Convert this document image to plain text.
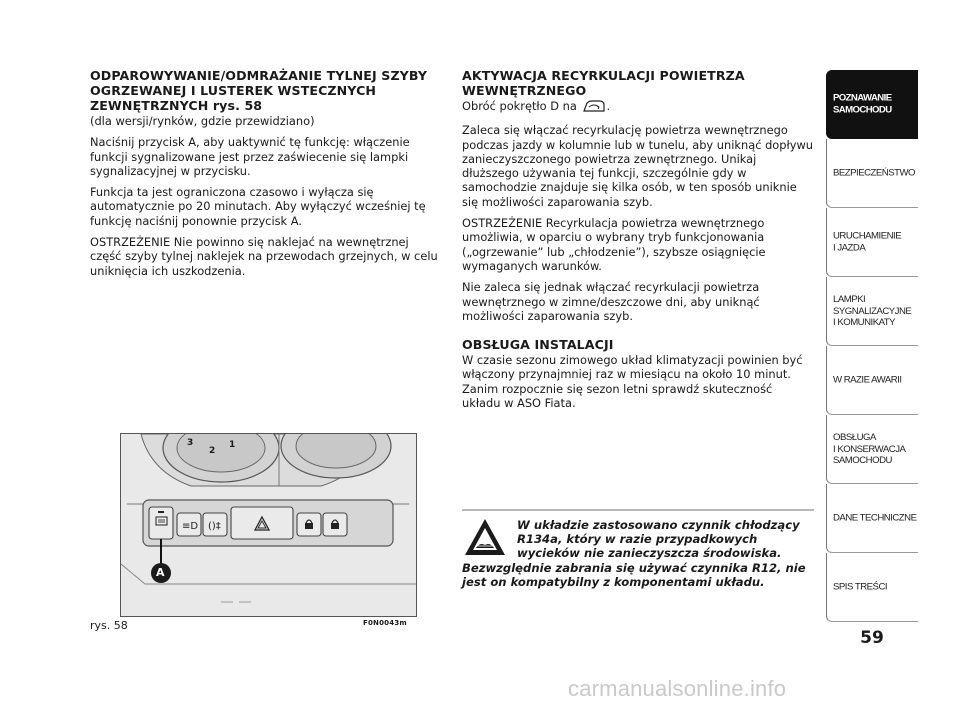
ODPAROWYWANIE/ODMRAŻANIE TYLNEJ SZYBY OGRZEWANEJ I LUSTEREK WSTECZNYCH ZEWNĘTRZNYCH rys. 58

(dla wersji/rynków, gdzie przewidziano)

Naciśnij przycisk A, aby uaktywnić tę funkcję: włączenie funkcji sygnalizowane jest przez zaświecenie się lampki sygnalizacyjnej w przycisku.

Funkcja ta jest ograniczona czasowo i wyłącza się automatycznie po 20 minutach. Aby wyłączyć wcześniej tę funkcję naciśnij ponownie przycisk A.

OSTRZEŻENIE Nie powinno się naklejać na wewnętrznej część szyby tylnej naklejek na przewodach grzejnych, w celu uniknięcia ich uszkodzenia.

≡D ()‡
3
2
1
A
rys. 58	F0N0043m
AKTYWACJA RECYRKULACJI POWIETRZA WEWNĘTRZNEGO

Obróć pokrętło D na	.

Zaleca się włączać recyrkulację powietrza wewnętrznego podczas jazdy w kolumnie lub w tunelu, aby uniknąć dopływu zanieczyszczonego powietrza zewnętrznego. Unikaj dłuższego używania tej funkcji, szczególnie gdy w samochodzie znajduje się kilka osób, w ten sposób uniknie się możliwości zaparowania szyb.

OSTRZEŻENIE Recyrkulacja powietrza wewnętrznego umożliwia, w oparciu o wybrany tryb funkcjonowania („ogrzewanie” lub „chłodzenie”), szybsze osiągnięcie wymaganych warunków.

Nie zaleca się jednak włączać recyrkulacji powietrza wewnętrznego w zimne/deszczowe dni, aby uniknąć możliwości zaparowania szyb.

OBSŁUGA INSTALACJI

W czasie sezonu zimowego układ klimatyzacji powinien być włączony przynajmniej raz w miesiącu na około 10 minut. Zanim rozpocznie się sezon letni sprawdź skuteczność układu w ASO Fiata.

W układzie zastosowano czynnik chłodzący R134a, który w razie przypadkowych wycieków nie zanieczyszcza środowiska. Bezwzględnie zabrania się używać czynnika R12, nie jest on kompatybilny z komponentami układu.
POZNAWANIE
SAMOCHODU
BEZPIECZEŃSTWO
URUCHAMIENIE
I JAZDA
LAMPKI
SYGNALIZACYJNE
I KOMUNIKATY
W RAZIE AWARII
OBSŁUGA
I KONSERWACJA
SAMOCHODU
DANE TECHNICZNE
SPIS TREŚCI
59
carmanualsonline.info
